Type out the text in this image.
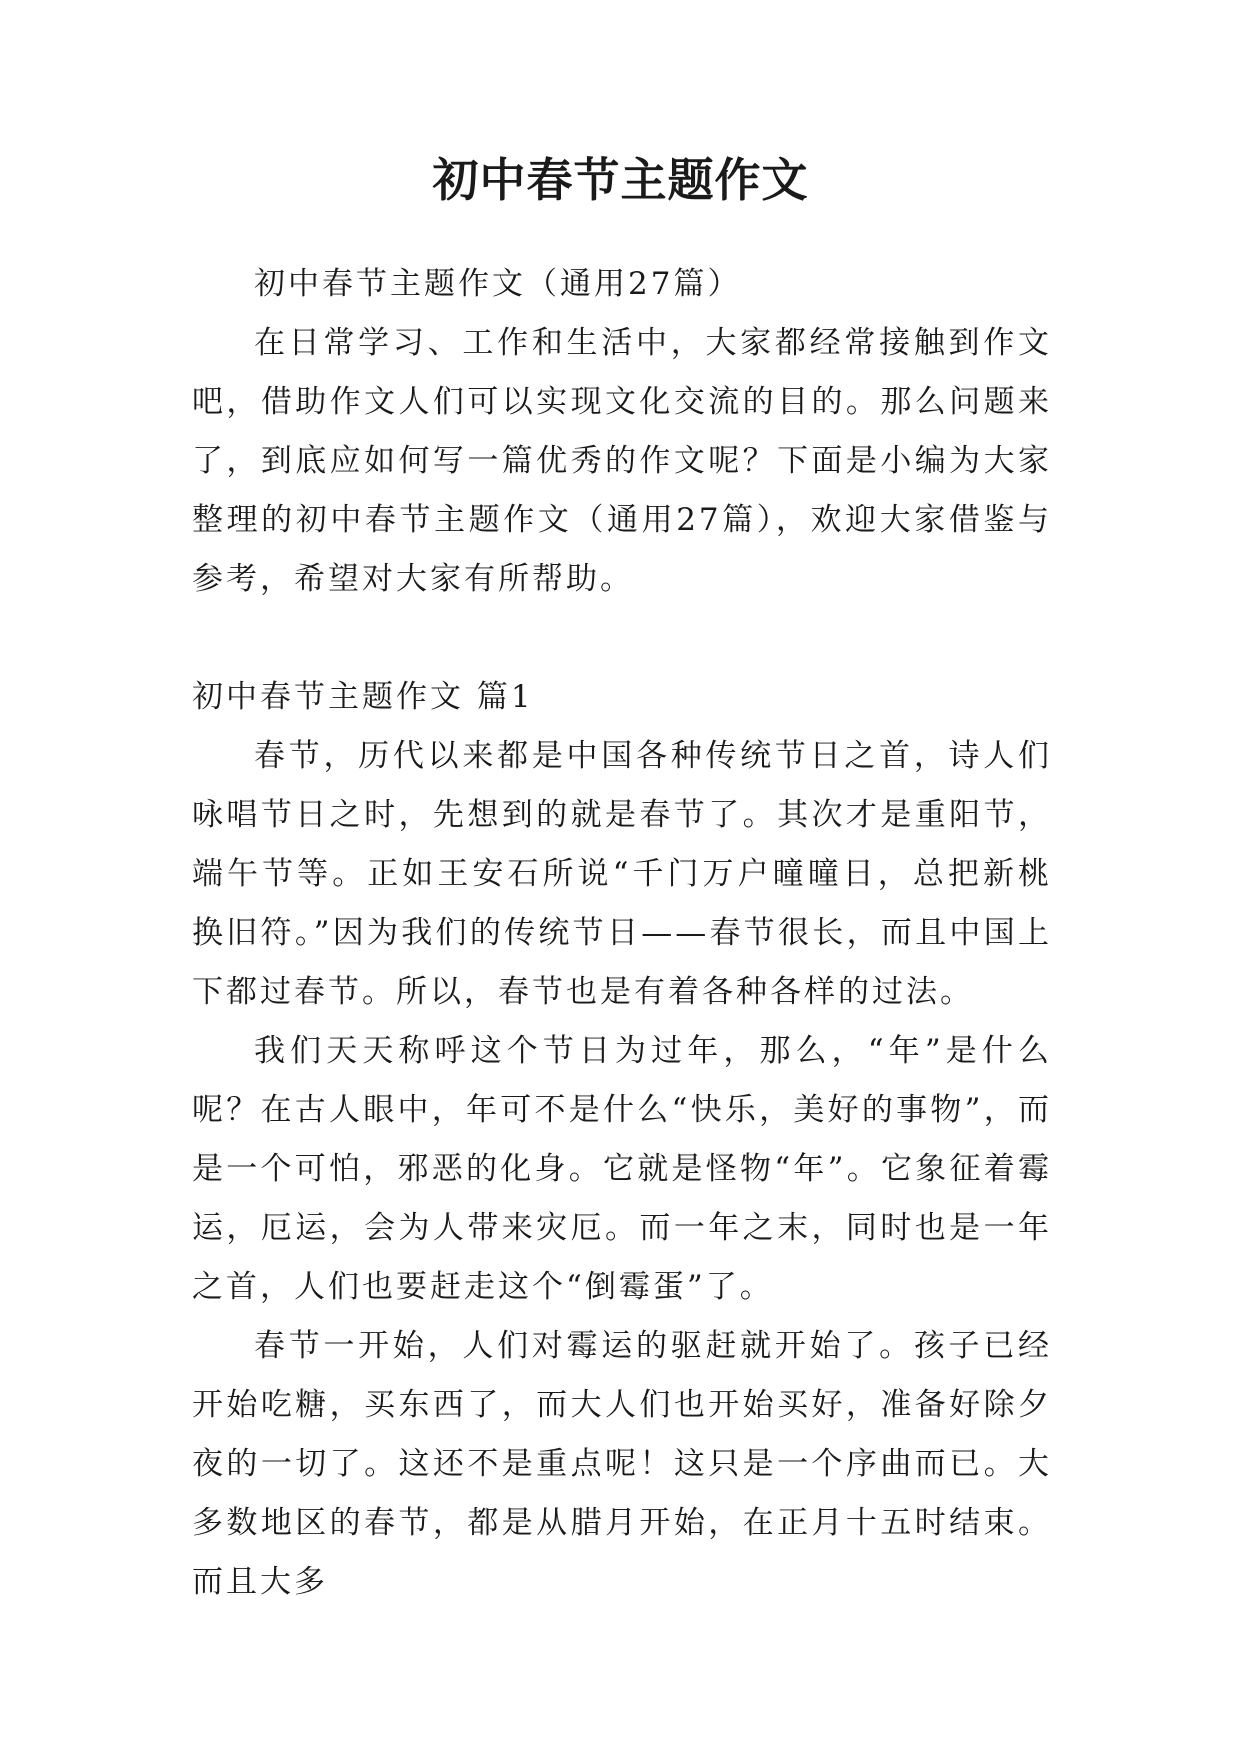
初中春节主题作文

初中春节主题作文（通用27篇）

在日常学习、工作和生活中，大家都经常接触到作文吧，借助作文人们可以实现文化交流的目的。那么问题来了，到底应如何写一篇优秀的作文呢？下面是小编为大家整理的初中春节主题作文（通用27篇），欢迎大家借鉴与参考，希望对大家有所帮助。

初中春节主题作文 篇1

春节，历代以来都是中国各种传统节日之首，诗人们咏唱节日之时，先想到的就是春节了。其次才是重阳节，端午节等。正如王安石所说“千门万户曈曈日，总把新桃换旧符。”因为我们的传统节日——春节很长，而且中国上下都过春节。所以，春节也是有着各种各样的过法。

我们天天称呼这个节日为过年，那么，“年”是什么呢？在古人眼中，年可不是什么“快乐，美好的事物”，而是一个可怕，邪恶的化身。它就是怪物“年”。它象征着霉运，厄运，会为人带来灾厄。而一年之末，同时也是一年之首，人们也要赶走这个“倒霉蛋”了。

春节一开始，人们对霉运的驱赶就开始了。孩子已经开始吃糖，买东西了，而大人们也开始买好，准备好除夕夜的一切了。这还不是重点呢！这只是一个序曲而已。大多数地区的春节，都是从腊月开始，在正月十五时结束。而且大多
